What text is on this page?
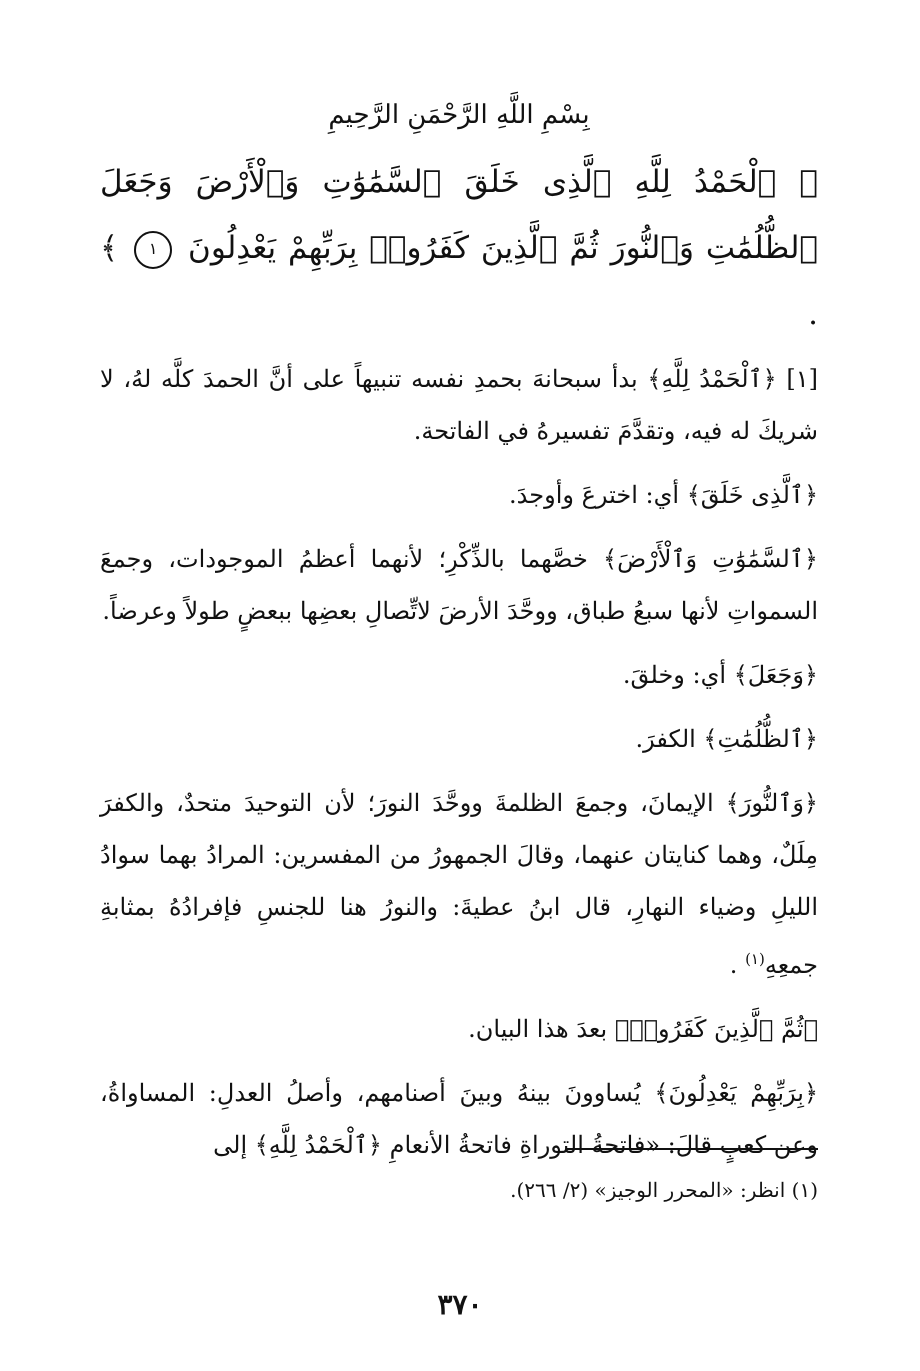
بِسْمِ اللَّهِ الرَّحْمَنِ الرَّحِيمِ
﴿ ٱلْحَمْدُ لِلَّهِ ٱلَّذِى خَلَقَ ٱلسَّمَٰوَٰتِ وَٱلْأَرْضَ وَجَعَلَ ٱلظُّلُمَٰتِ وَٱلنُّورَ ثُمَّ ٱلَّذِينَ كَفَرُوا۟ بِرَبِّهِمْ يَعْدِلُونَ ١ ﴾ .

[١] ﴿ٱلْحَمْدُ لِلَّهِ﴾ بدأ سبحانهَ بحمدِ نفسه تنبيهاً على أنَّ الحمدَ كلَّه لهُ، لا شريكَ له فيه، وتقدَّمَ تفسيرهُ في الفاتحة.

﴿ٱلَّذِى خَلَقَ﴾ أي: اخترعَ وأوجدَ.

﴿ٱلسَّمَٰوَٰتِ وَٱلْأَرْضَ﴾ خصَّهما بالذِّكْرِ؛ لأنهما أعظمُ الموجودات، وجمعَ السمواتِ لأنها سبعُ طباق، ووحَّدَ الأرضَ لاتِّصالِ بعضِها ببعضٍ طولاً وعرضاً.

﴿وَجَعَلَ﴾ أي: وخلقَ.

﴿ٱلظُّلُمَٰتِ﴾ الكفرَ.

﴿وَٱلنُّورَ﴾ الإيمانَ، وجمعَ الظلمةَ ووحَّدَ النورَ؛ لأن التوحيدَ متحدٌ، والكفرَ مِلَلٌ، وهما كنايتان عنهما، وقالَ الجمهورُ من المفسرين: المرادُ بهما سوادُ الليلِ وضياء النهارِ، قال ابنُ عطيةَ: والنورُ هنا للجنسِ فإفرادُهُ بمثابةِ جمعِهِ$^{(١)}$ .

﴿ثُمَّ ٱلَّذِينَ كَفَرُوا۟﴾ بعدَ هذا البيان.

﴿بِرَبِّهِمْ يَعْدِلُونَ﴾ يُساوونَ بينهُ وبينَ أصنامهم، وأصلُ العدلِ: المساواةُ، وعن كعبٍ قالَ: «فاتحةُ التوراةِ فاتحةُ الأنعامِ ﴿ٱلْحَمْدُ لِلَّهِ﴾ إلى

(١) انظر: «المحرر الوجيز» (٢/ ٢٦٦).
٣٧٠
